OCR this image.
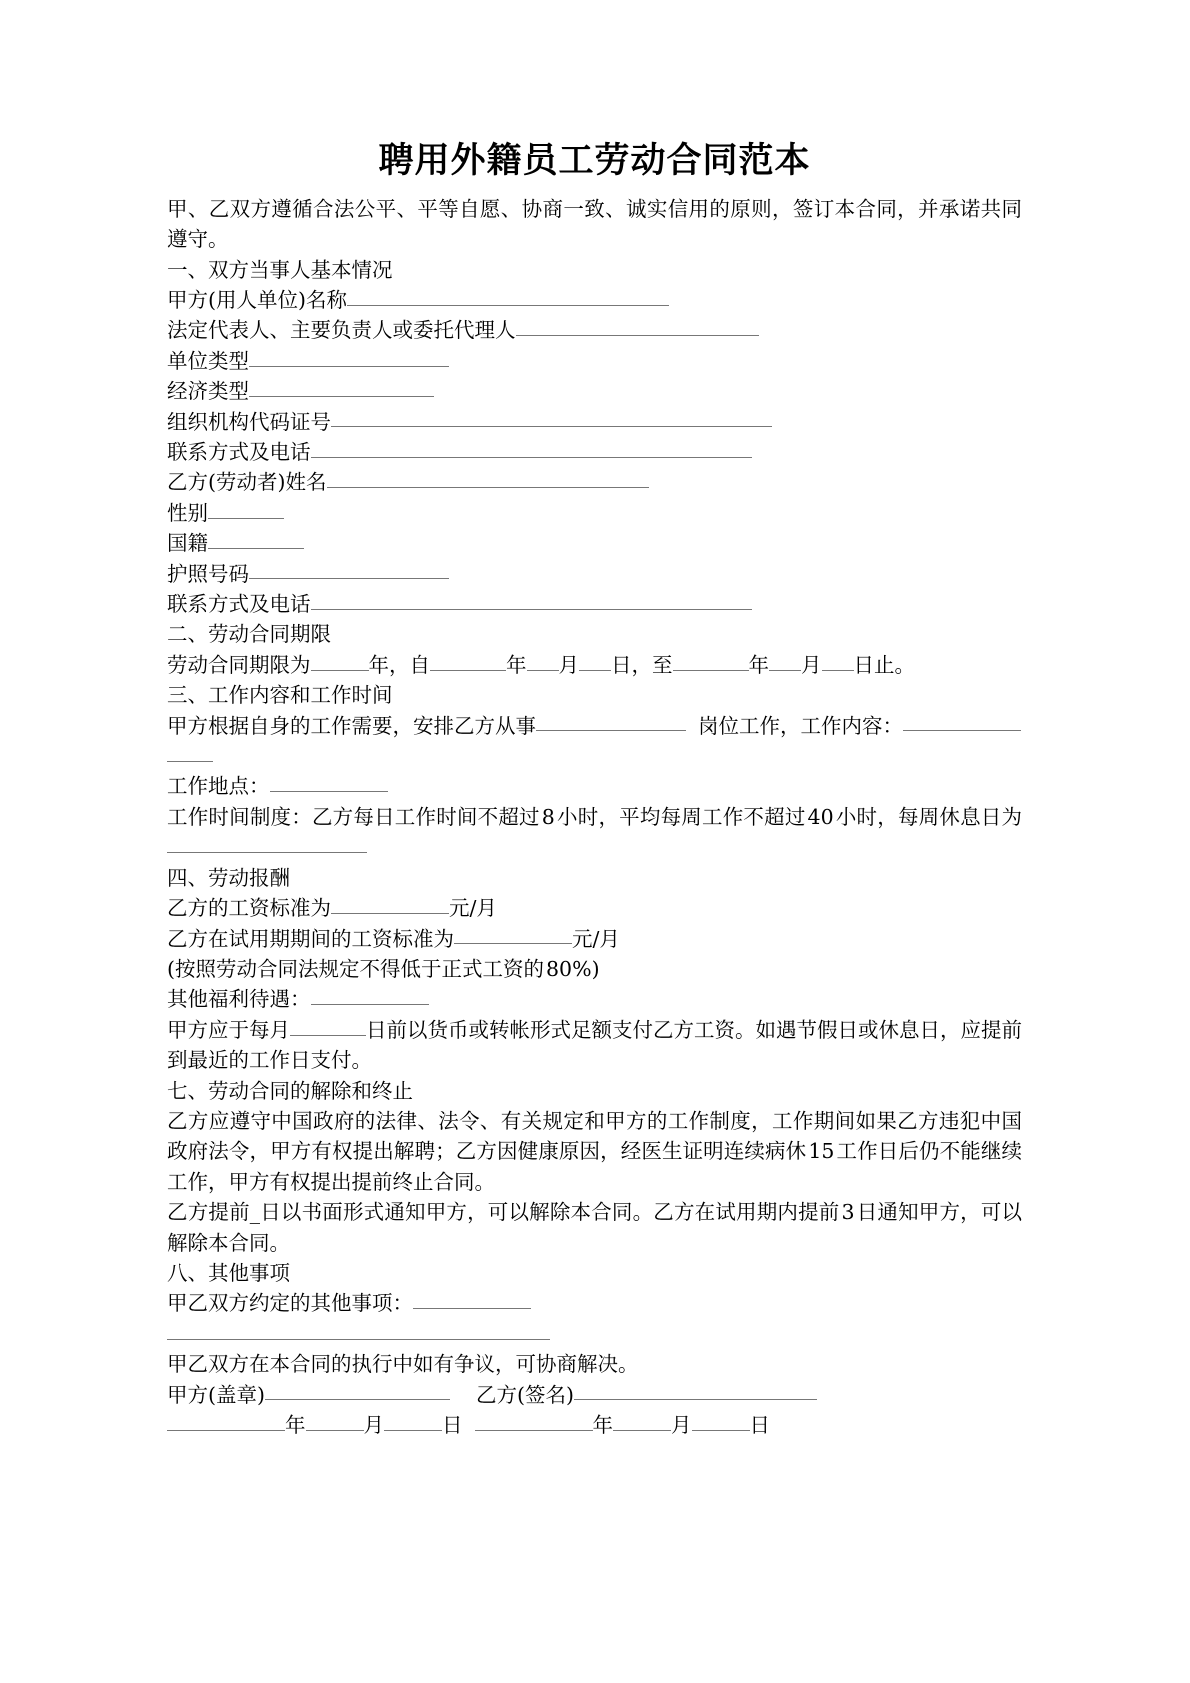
聘用外籍员工劳动合同范本

甲、乙双方遵循合法公平、平等自愿、协商一致、诚实信用的原则，签订本合同，并承诺共同遵守。

一、双方当事人基本情况

甲方(用人单位)名称

法定代表人、主要负责人或委托代理人

单位类型

经济类型

组织机构代码证号

联系方式及电话

乙方(劳动者)姓名

性别

国籍

护照号码

联系方式及电话

二、劳动合同期限

劳动合同期限为	年，自	年 月 日，至	年 月 日止。

三、工作内容和工作时间

甲方根据自身的工作需要，安排乙方从事	岗位工作，工作内容：

工作地点：

工作时间制度：乙方每日工作时间不超过8小时，平均每周工作不超过40小时，每周休息日为

四、劳动报酬

乙方的工资标准为	元/月

乙方在试用期期间的工资标准为	元/月

(按照劳动合同法规定不得低于正式工资的80%)

其他福利待遇：

甲方应于每月	日前以货币或转帐形式足额支付乙方工资。如遇节假日或休息日，应提前到最近的工作日支付。

七、劳动合同的解除和终止

乙方应遵守中国政府的法律、法令、有关规定和甲方的工作制度，工作期间如果乙方违犯中国政府法令，甲方有权提出解聘；乙方因健康原因，经医生证明连续病休15工作日后仍不能继续工作，甲方有权提出提前终止合同。

乙方提前_日以书面形式通知甲方，可以解除本合同。乙方在试用期内提前3日通知甲方，可以解除本合同。

八、其他事项

甲乙双方约定的其他事项：

甲乙双方在本合同的执行中如有争议，可协商解决。

甲方(盖章)	乙方(签名)

年	月	日	年	月	日
